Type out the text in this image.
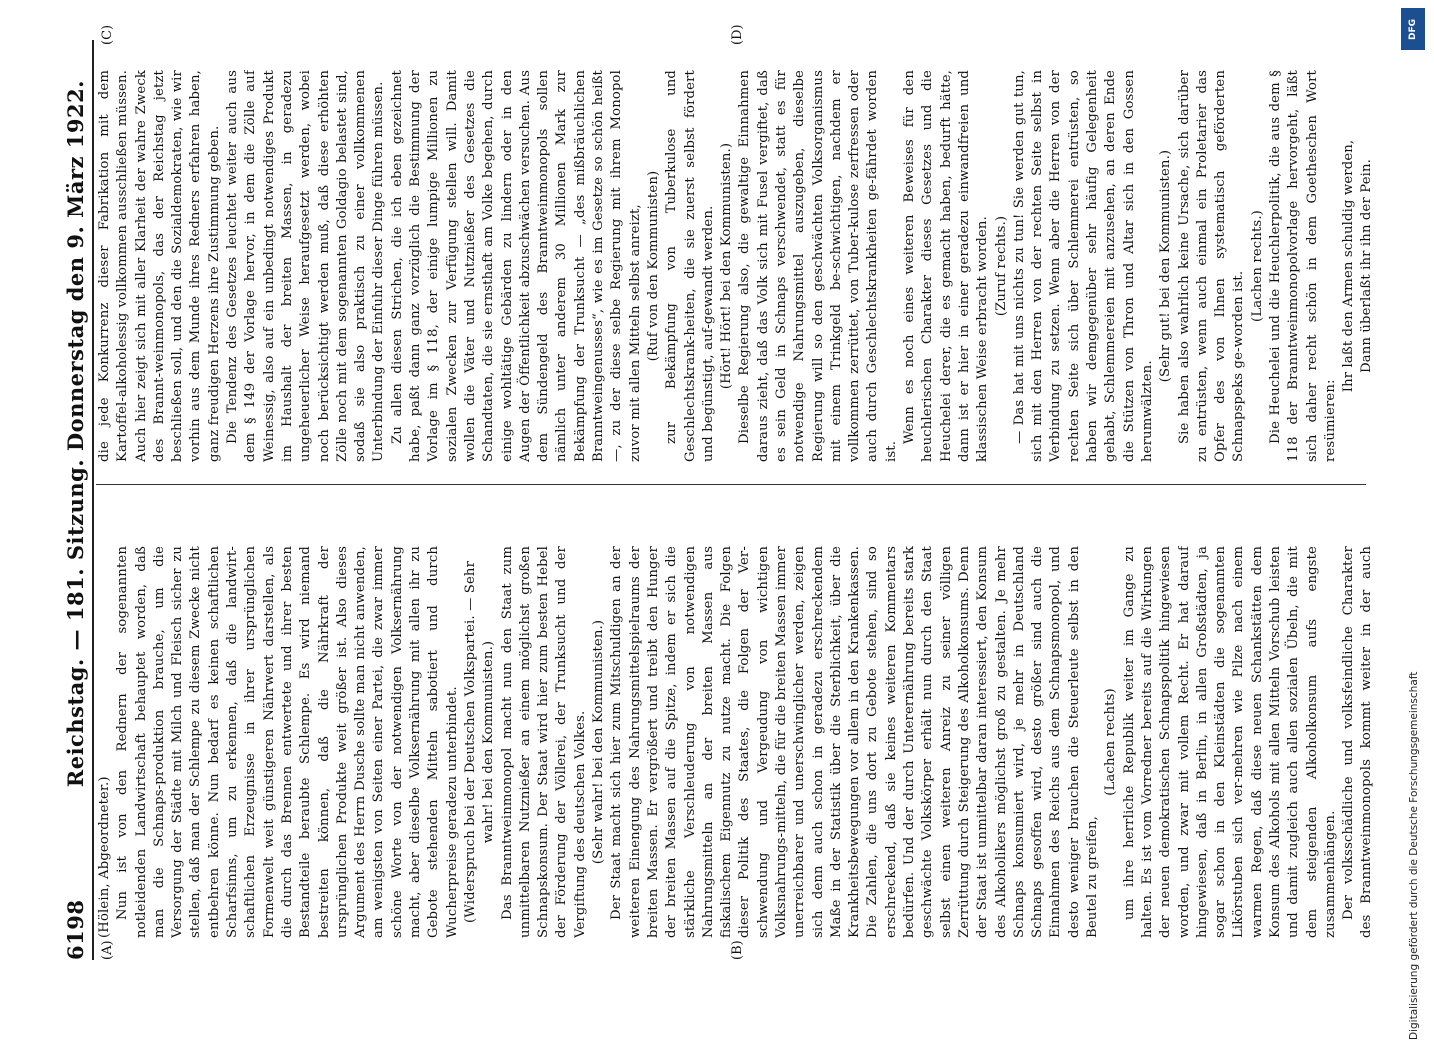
6198
Reichstag. — 181. Sitzung. Donnerstag den 9. März 1922.
(A)	(B)
(C)	(D)

(Hölein, Abgeordneter.) Nun ist von den Rednern der sogenannten notleidenden Landwirtschaft behauptet worden, daß man die Schnaps-produktion brauche, um die Versorgung der Städte mit Milch und Fleisch sicher zu stellen, daß man der Schlempe zu diesem Zwecke nicht entbehren könne. Nun bedarf es keinen schaftlichen Scharfsinns, um zu erkennen, daß die landwirt-schaftlichen Erzeugnisse in ihrer ursprünglichen Formenwelt weit günstigeren Nährwert darstellen, als die durch das Brennen entwertete und ihrer besten Bestandteile beraubte Schlempe. Es wird niemand bestreiten können, daß die Nährkraft der ursprünglichen Produkte weit größer ist. Also dieses Argument des Herrn Dusche sollte man nicht anwenden, am wenigsten von Seiten einer Partei, die zwar immer schöne Worte von der notwendigen Volksernährung macht, aber dieselbe Volksernährung mit allen ihr zu Gebote stehenden Mitteln sabotiert und durch Wucherpreise geradezu unterbindet. (Widerspruch bei der Deutschen Volkspartei. — Sehr wahr! bei den Kommunisten.) Das Branntweinmonopol macht nun den Staat zum unmittelbaren Nutznießer an einem möglichst großen Schnapskonsum. Der Staat wird hier zum besten Hebel der Förderung der Völlerei, der Trunksucht und der Vergiftung des deutschen Volkes. (Sehr wahr! bei den Kommunisten.) Der Staat macht sich hier zum Mitschuldigen an der weiteren Einengung des Nahrungsmittelspielraums der breiten Massen. Er vergrößert und treibt den Hunger der breiten Massen auf die Spitze, indem er sich die stärkliche Verschleuderung von notwendigen Nahrungsmitteln an der breiten Massen aus fiskalischem Eigennutz zu nutze macht. Die Folgen dieser Politik des Staates, die Folgen der Ver-schwendung und Vergeudung von wichtigen Volksnahrungs-mitteln, die für die breiten Massen immer unerreichbarer und unerschwinglicher werden, zeigen sich denn auch schon in geradezu erschreckendem Maße in der Statistik über die Sterblichkeit, über die Krankheitsbewegungen vor allem in den Krankenkassen. Die Zahlen, die uns dort zu Gebote stehen, sind so erschreckend, daß sie keines weiteren Kommentars bedürfen. Und der durch Unterernährung bereits stark geschwächte Volkskörper erhält nun durch den Staat selbst einen weiteren Anreiz zu seiner völligen Zerrüttung durch Steigerung des Alkoholkonsums. Denn der Staat ist unmittelbar daran interessiert, den Konsum des Alkoholikers möglichst groß zu gestalten. Je mehr Schnaps konsumiert wird, je mehr in Deutschland Schnaps gesoffen wird, desto größer sind auch die Einnahmen des Reichs aus dem Schnapsmonopol, und desto weniger brauchen die Steuerleute selbst in den Beutel zu greifen,

(Lachen rechts) um ihre herrliche Republik weiter im Gange zu halten. Es ist vom Vorredner bereits auf die Wirkungen der neuen demokratischen Schnapspolitik hingewiesen worden, und zwar mit vollem Recht. Er hat darauf hingewiesen, daß in Berlin, in allen Großstädten, ja sogar schon in den Kleinstädten die sogenannten Likörstuben sich ver-mehren wie Pilze nach einem warmen Regen, daß diese neuen Schankstätten dem Konsum des Alkohols mit allen Mitteln Vorschub leisten und damit zugleich auch allen sozialen Übeln, die mit dem steigenden Alkoholkonsum aufs engste zusammenhängen. Der volksschädliche und volksfeindliche Charakter des Branntweinmonopols kommt weiter in der auch

die jede Konkurrenz dieser Fabrikation mit dem Kartoffel-alkoholessig vollkommen ausschließen müssen. Auch hier zeigt sich mit aller Klarheit der wahre Zweck des Brannt-weinmonopols, das der Reichstag jetzt beschließen soll, und den die Sozialdemokraten, wie wir vorhin aus dem Munde ihres Redners erfahren haben, ganz freudigen Herzens ihre Zustimmung geben. Die Tendenz des Gesetzes leuchtet weiter auch aus dem § 149 der Vorlage hervor, in dem die Zölle auf Weinessig, also auf ein unbedingt notwendiges Produkt im Haushalt der breiten Massen, in geradezu ungeheuerlicher Weise heraufgesetzt werden, wobei noch berücksichtigt werden muß, daß diese erhöhten Zölle noch mit dem sogenannten Goldagio belastet sind, sodaß sie also praktisch zu einer vollkommenen Unterbindung der Einfuhr dieser Dinge führen müssen. Zu allen diesen Strichen, die ich eben gezeichnet habe, paßt dann ganz vorzüglich die Bestimmung der Vorlage im § 118, der einige lumpige Millionen zu sozialen Zwecken zur Verfügung stellen will. Damit wollen die Väter und Nutznießer des Gesetzes die Schandtaten, die sie ernsthaft am Volke begehen, durch einige wohltätige Gebärden zu lindern oder in den Augen der Öffentlichkeit abzuschwächen versuchen. Aus dem Sündengeld des Branntweinmonopols sollen nämlich unter anderem 30 Millionen Mark zur Bekämpfung der Trunksucht — „des mißbräuchlichen Branntweingenusses“, wie es im Gesetze so schön heißt —, zu der diese selbe Regierung mit ihrem Monopol zuvor mit allen Mitteln selbst anreizt, (Ruf von den Kommunisten) zur Bekämpfung von Tuberkulose und Geschlechtskrank-heiten, die sie zuerst selbst fördert und begünstigt, auf-gewandt werden. (Hört! Hört! bei den Kommunisten.) Dieselbe Regierung also, die gewaltige Einnahmen daraus zieht, daß das Volk sich mit Fusel vergiftet, daß es sein Geld in Schnaps verschwendet, statt es für notwendige Nahrungsmittel auszugeben, dieselbe Regierung will so den geschwächten Volksorganismus mit einem Trinkgeld be-schwichtigen, nachdem er vollkommen zerrüttet, von Tuber-kulose zerfressen oder auch durch Geschlechtskrankheiten ge-fährdet worden ist.

Wenn es noch eines weiteren Beweises für den heuchlerischen Charakter dieses Gesetzes und die Heuchelei derer, die es gemacht haben, bedurft hätte, dann ist er hier in einer geradezu einwandfreien und klassischen Weise erbracht worden. (Zuruf rechts.) — Das hat mit uns nichts zu tun! Sie werden gut tun, sich mit den Herren von der rechten Seite selbst in Verbindung zu setzen. Wenn aber die Herren von der rechten Seite sich über Schlemmerei entrüsten, so haben wir demgegenüber sehr häufig Gelegenheit gehabt, Schlemmereien mit anzusehen, an deren Ende die Stützen von Thron und Altar sich in den Gossen herumwälzten.

(Sehr gut! bei den Kommunisten.) Sie haben also wahrlich keine Ursache, sich darüber zu entrüsten, wenn auch einmal ein Proletarier das Opfer des von Ihnen systematisch geförderten Schnapspeks ge-worden ist.

(Lachen rechts.) Die Heuchelei und die Heuchlerpolitik, die aus dem § 118 der Branntweinmonopolvorlage hervorgeht, läßt sich daher recht schön in dem Goetheschen Wort resümieren:

Ihr laßt den Armen schuldig werden, Dann überlaßt ihr ihn der Pein.

DFG
Digitalisierung gefördert durch die Deutsche Forschungsgemeinschaft
